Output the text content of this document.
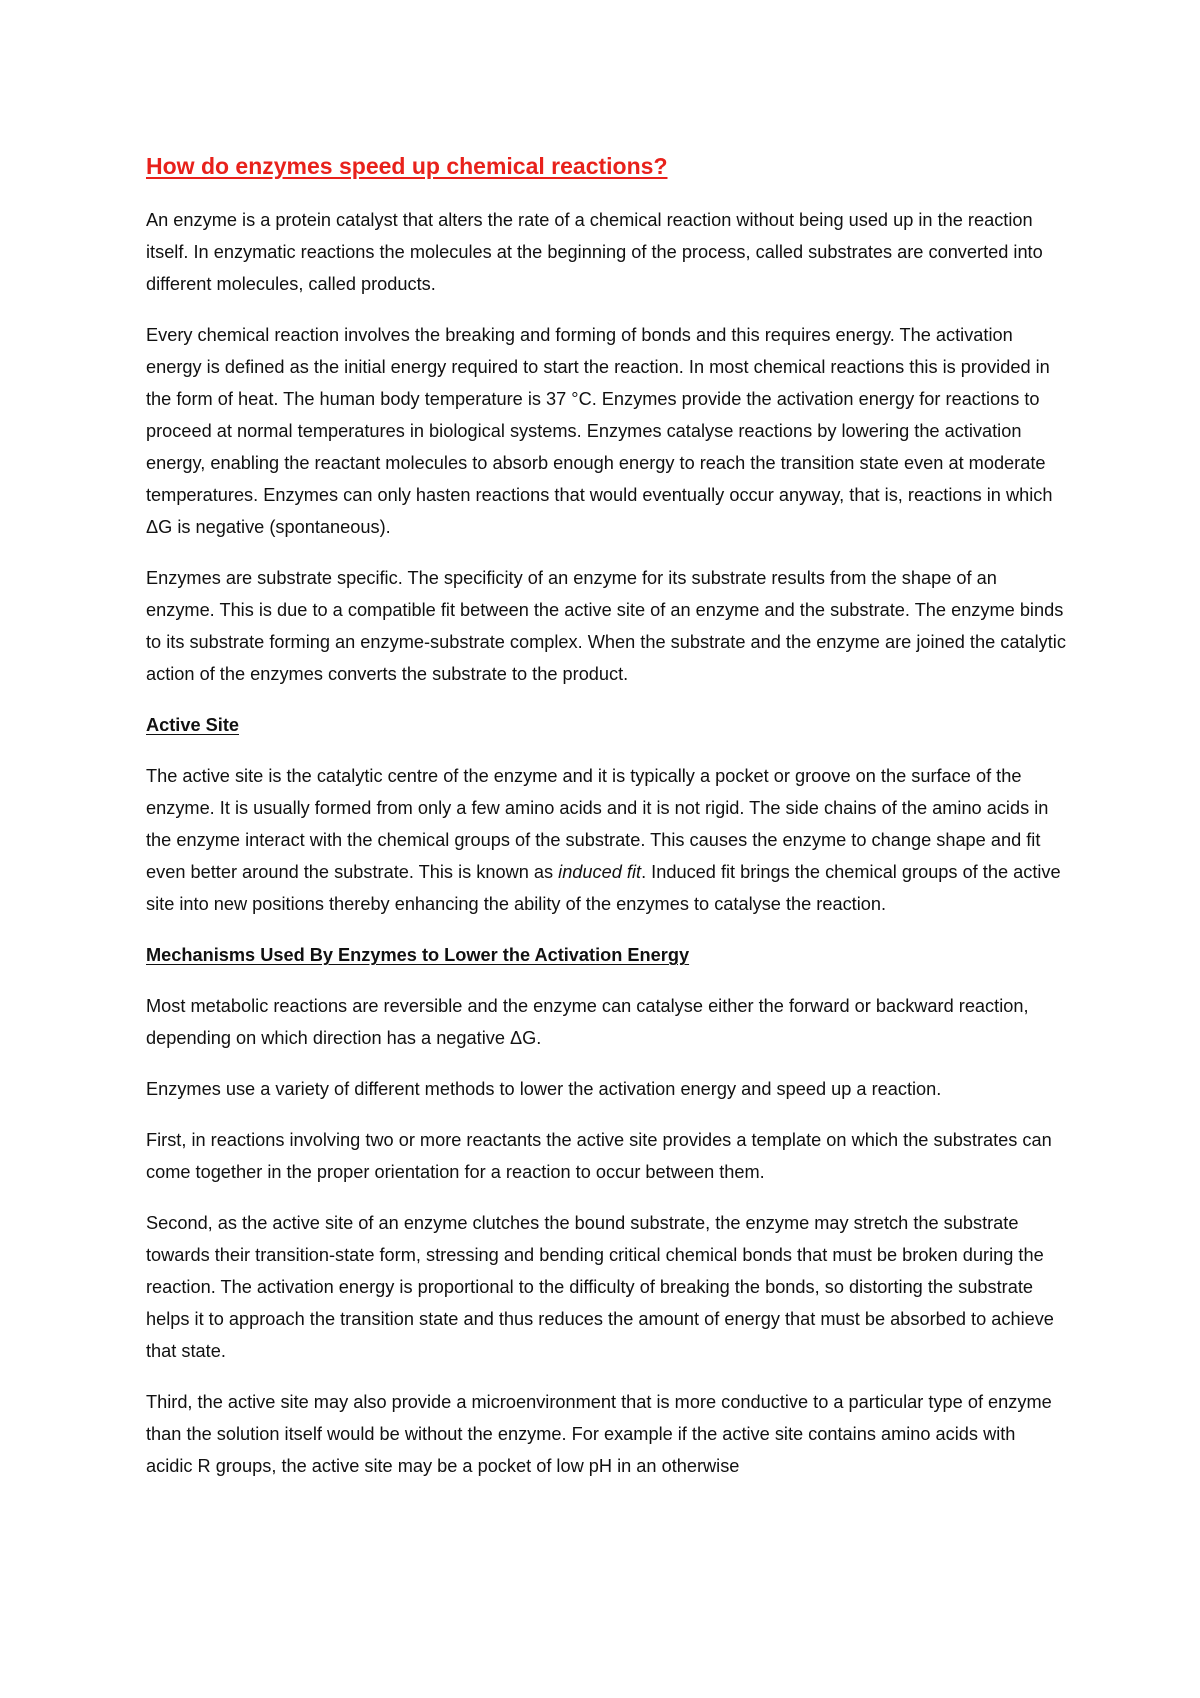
How do enzymes speed up chemical reactions?

An enzyme is a protein catalyst that alters the rate of a chemical reaction without being used up in the reaction itself. In enzymatic reactions the molecules at the beginning of the process, called substrates are converted into different molecules, called products.

Every chemical reaction involves the breaking and forming of bonds and this requires energy. The activation energy is defined as the initial energy required to start the reaction. In most chemical reactions this is provided in the form of heat. The human body temperature is 37 °C. Enzymes provide the activation energy for reactions to proceed at normal temperatures in biological systems. Enzymes catalyse reactions by lowering the activation energy, enabling the reactant molecules to absorb enough energy to reach the transition state even at moderate temperatures. Enzymes can only hasten reactions that would eventually occur anyway, that is, reactions in which ΔG is negative (spontaneous).

Enzymes are substrate specific. The specificity of an enzyme for its substrate results from the shape of an enzyme. This is due to a compatible fit between the active site of an enzyme and the substrate. The enzyme binds to its substrate forming an enzyme-substrate complex. When the substrate and the enzyme are joined the catalytic action of the enzymes converts the substrate to the product.

Active Site

The active site is the catalytic centre of the enzyme and it is typically a pocket or groove on the surface of the enzyme. It is usually formed from only a few amino acids and it is not rigid. The side chains of the amino acids in the enzyme interact with the chemical groups of the substrate. This causes the enzyme to change shape and fit even better around the substrate. This is known as induced fit. Induced fit brings the chemical groups of the active site into new positions thereby enhancing the ability of the enzymes to catalyse the reaction.

Mechanisms Used By Enzymes to Lower the Activation Energy

Most metabolic reactions are reversible and the enzyme can catalyse either the forward or backward reaction, depending on which direction has a negative ΔG.

Enzymes use a variety of different methods to lower the activation energy and speed up a reaction.

First, in reactions involving two or more reactants the active site provides a template on which the substrates can come together in the proper orientation for a reaction to occur between them.

Second, as the active site of an enzyme clutches the bound substrate, the enzyme may stretch the substrate towards their transition-state form, stressing and bending critical chemical bonds that must be broken during the reaction. The activation energy is proportional to the difficulty of breaking the bonds, so distorting the substrate helps it to approach the transition state and thus reduces the amount of energy that must be absorbed to achieve that state.

Third, the active site may also provide a microenvironment that is more conductive to a particular type of enzyme than the solution itself would be without the enzyme. For example if the active site contains amino acids with acidic R groups, the active site may be a pocket of low pH in an otherwise
